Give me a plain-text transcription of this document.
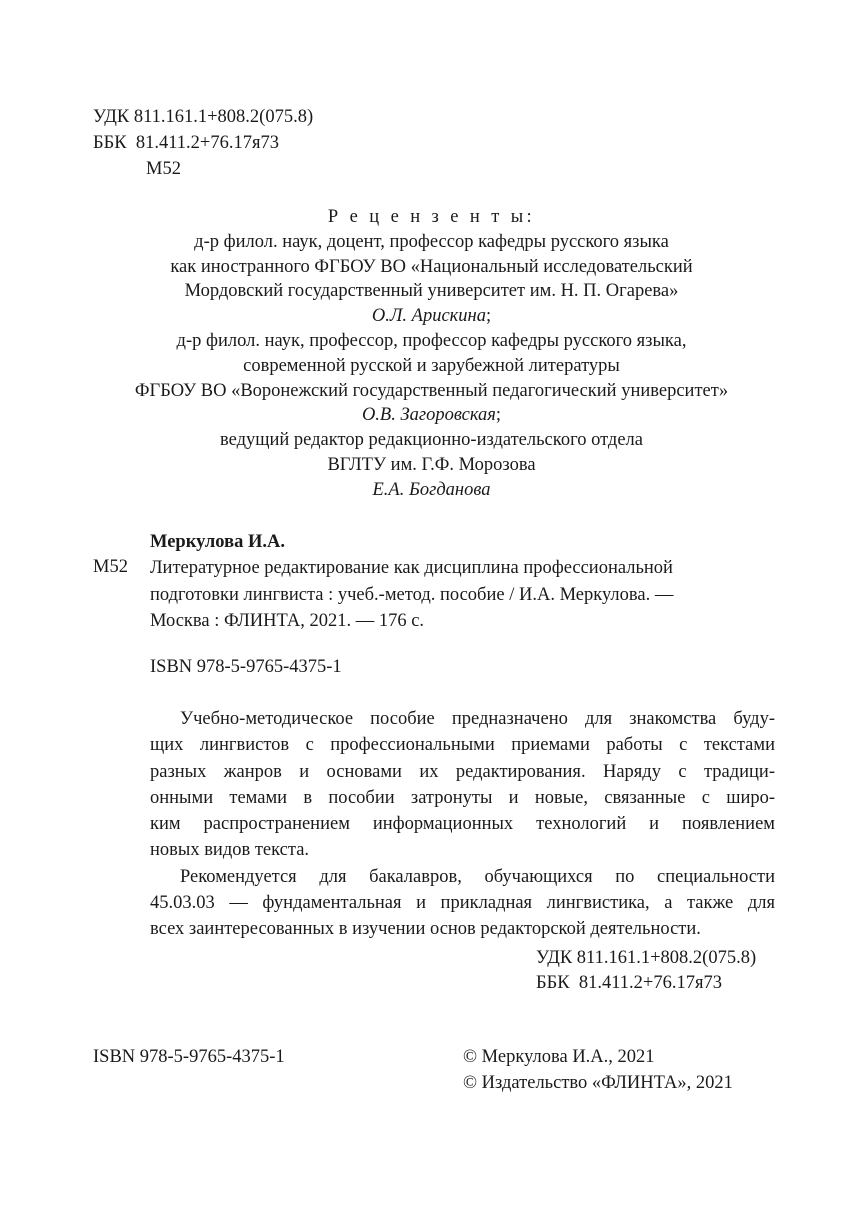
УДК 811.161.1+808.2(075.8)
ББК 81.411.2+76.17я73
М52
Р е ц е н з е н т ы:
д-р филол. наук, доцент, профессор кафедры русского языка
как иностранного ФГБОУ ВО «Национальный исследовательский
Мордовский государственный университет им. Н. П. Огарева»
О.Л. Арискина;
д-р филол. наук, профессор, профессор кафедры русского языка,
современной русской и зарубежной литературы
ФГБОУ ВО «Воронежский государственный педагогический университет»
О.В. Загоровская;
ведущий редактор редакционно-издательского отдела
ВГЛТУ им. Г.Ф. Морозова
Е.А. Богданова
Меркулова И.А.
М52 Литературное редактирование как дисциплина профессиональной
подготовки лингвиста : учеб.-метод. пособие / И.А. Меркулова. —
Москва : ФЛИНТА, 2021. — 176 с.
ISBN 978-5-9765-4375-1
Учебно-методическое пособие предназначено для знакомства буду-
щих лингвистов с профессиональными приемами работы с текстами
разных жанров и основами их редактирования. Наряду с традици-
онными темами в пособии затронуты и новые, связанные с широ-
ким распространением информационных технологий и появлением
новых видов текста.
Рекомендуется для бакалавров, обучающихся по специальности
45.03.03 — фундаментальная и прикладная лингвистика, а также для
всех заинтересованных в изучении основ редакторской деятельности.
УДК 811.161.1+808.2(075.8)
ББК  81.411.2+76.17я73
ISBN 978-5-9765-4375-1	© Меркулова И.А., 2021
© Издательство «ФЛИНТА», 2021
